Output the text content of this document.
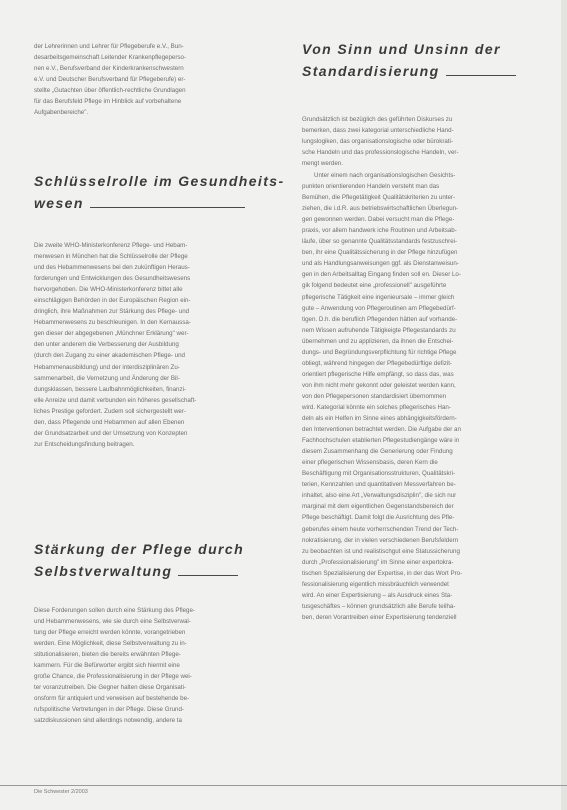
der Lehrerinnen und Lehrer für Pflegeberufe e.V., Bun-
desarbeitsgemeinschaft Leitender Krankenpflegeperso-
nen e.V., Berufsverband der Kinderkrankenschwestern
e.V. und Deutscher Berufsverband für Pflegeberufe) er-
stellte „Gutachten über öffentlich-rechtliche Grundlagen
für das Berufsfeld Pflege im Hinblick auf vorbehaltene
Aufgabenbereiche".
Schlüsselrolle im Gesundheits-
wesen
Die zweite WHO-Ministerkonferenz Pflege- und Hebam-
menwesen in München hat die Schlüsselrolle der Pflege
und des Hebammenwesens bei den zukünftigen Heraus-
forderungen und Entwicklungen des Gesundheitswesens
hervorgehoben. Die WHO-Ministerkonferenz bittet alle
einschlägigen Behörden in der Europäischen Region ein-
dringlich, ihre Maßnahmen zur Stärkung des Pflege- und
Hebammenwesens zu beschleunigen. In den Kernaussa-
gen dieser der abgegebenen „Münchner Erklärung" wer-
den unter anderem die Verbesserung der Ausbildung
(durch den Zugang zu einer akademischen Pflege- und
Hebammenausbildung) und der interdisziplinären Zu-
sammenarbeit, die Vernetzung und Änderung der Bil-
dungsklassen, bessere Laufbahnmöglichkeiten, finanzi-
elle Anreize und damit verbunden ein höheres gesellschaft-
liches Prestige gefordert. Zudem soll sichergestellt wer-
den, dass Pflegende und Hebammen auf allen Ebenen
der Grundsatzarbeit und der Umsetzung von Konzepten
zur Entscheidungsfindung beitragen.
Stärkung der Pflege durch
Selbstverwaltung
Diese Forderungen sollen durch eine Stärkung des Pflege-
und Hebammenwesens, wie sie durch eine Selbstverwal-
tung der Pflege erreicht werden könnte, vorangetrieben
werden. Eine Möglichkeit, diese Selbstverwaltung zu in-
stitutionalisieren, bieten die bereits erwähnten Pflege-
kammern. Für die Befürworter ergibt sich hiermit eine
große Chance, die Professionalisierung in der Pflege wei-
ter voranzutreiben. Die Gegner halten diese Organisati-
onsform für antiquiert und verweisen auf bestehende be-
rufspolitische Vertretungen in der Pflege. Diese Grund-
satzdiskussionen sind allerdings notwendig, andere ta
Von Sinn und Unsinn der
Standardisierung
Grundsätzlich ist bezüglich des geführten Diskurses zu
bemerken, dass zwei kategorial unterschiedliche Hand-
lungslogiken, das organisationslogische oder bürokrati-
sche Handeln und das professionslogische Handeln, ver-
mengt werden.
Unter einem nach organisationslogischen Gesichts-
punkten orientierenden Handeln versteht man das
Bemühen, die Pflegetätigkeit Qualitätskriterien zu unter-
ziehen, die i.d.R. aus betriebswirtschaftlichen Überlegun-
gen gewonnen werden. Dabei versucht man die Pflege-
praxis, vor allem handwerk iche Routinen und Arbeitsab-
läufe, über so genannte Qualitätsstandards festzuschrei-
ben, ihr eine Qualitätssicherung in der Pflege hinzufügen
und als Handlungsanweisungen ggf. als Dienstanweisun-
gen in den Arbeitsalltag Eingang finden soll en. Dieser Lo-
gik folgend bedeutet eine „professionell" ausgeführte
pflegerische Tätigkeit eine ingenieursale – immer gleich
gute – Anwendung von Pflegeroutinen am Pflegebedürf-
tigen. D.h. die beruflich Pflegenden hätten auf vorhande-
nem Wissen aufruhende Tätigkeigte Pflegestandards zu
übernehmen und zu applizieren, da ihnen die Entschei-
dungs- und Begründungsverpflichtung für richtige Pflege
obliegt, während hingegen der Pflegebedürftige defizit-
orientiert pflegerische Hilfe empfängt, so dass das, was
von ihm nicht mehr gekonnt oder geleistet werden kann,
von den Pflegepersonen standardisiert übernommen
wird. Kategorial könnte ein solches pflegerisches Han-
deln als ein Helfen im Sinne eines abhängigkeitsfördern-
den Interventionen betrachtet werden. Die Aufgabe der an
Fachhochschulen etablierten Pflegestudiengänge wäre in
diesem Zusammenhang die Generierung oder Findung
einer pflegerischen Wissensbasis, deren Kern die
Beschäftigung mit Organisationsstrukturen, Qualitätskri-
terien, Kennzahlen und quantitativen Messverfahren be-
inhaltet, also eine Art „Verwaltungsdisziplin", die sich nur
marginal mit dem eigentlichen Gegenstandsbereich der
Pflege beschäftigt. Damit folgt die Ausrichtung des Pfle-
geberufes einem heute vorherrschenden Trend der Tech-
nokratisierung, der in vielen verschiedenen Berufsfeldern
zu beobachten ist und realistischgut eine Statussicherung
durch „Professionalisierung" im Sinne einer expertokra-
tischen Spezialisierung der Expertise, in der das Wort Pro-
fessionalisierung eigentlich missbräuchlich verwendet
wird. An einer Expertisierung – als Ausdruck eines Sta-
tusgeschäftes – können grundsätzlich alle Berufe teilha-
ben, deren Vorantreiben einer Expertisierung tendenziell
Die Schwester 2/2003
